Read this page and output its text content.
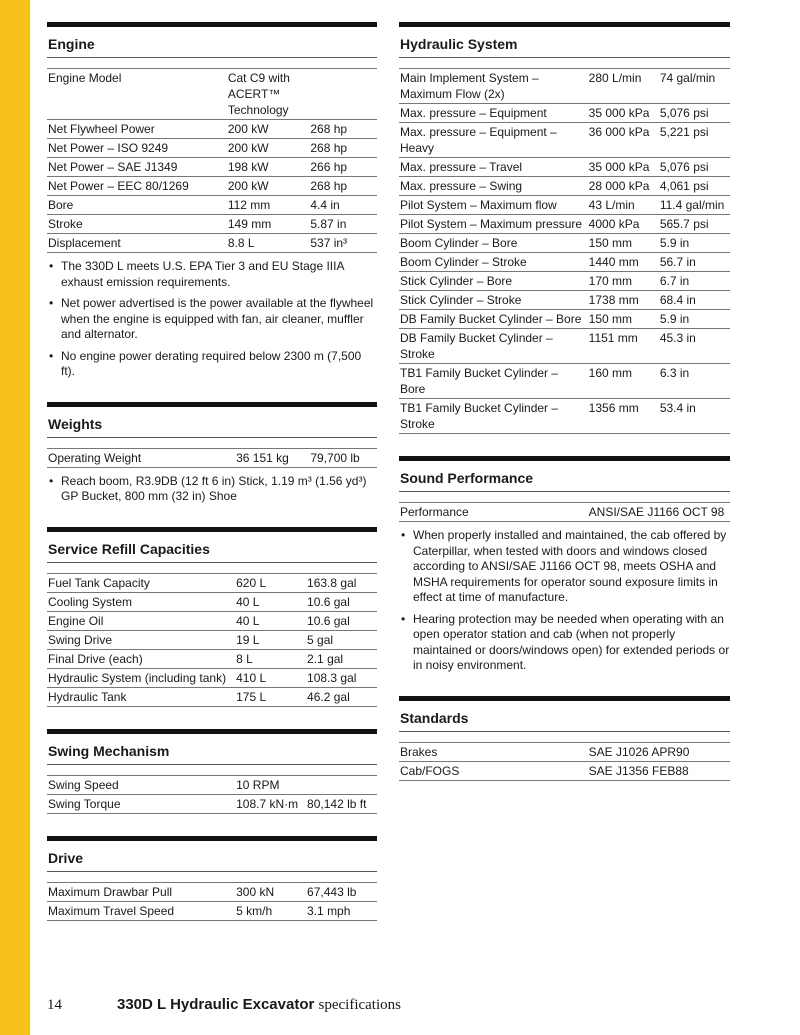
Engine
Engine Model	Cat C9 with ACERT™ Technology	
Net Flywheel Power	200 kW	268 hp
Net Power – ISO 9249	200 kW	268 hp
Net Power – SAE J1349	198 kW	266 hp
Net Power – EEC 80/1269	200 kW	268 hp
Bore	112 mm	4.4 in
Stroke	149 mm	5.87 in
Displacement	8.8 L	537 in³
• The 330D L meets U.S. EPA Tier 3 and EU Stage IIIA exhaust emission requirements.
• Net power advertised is the power available at the flywheel when the engine is equipped with fan, air cleaner, muffler and alternator.
• No engine power derating required below 2300 m (7,500 ft).
Weights
Operating Weight	36 151 kg	79,700 lb
• Reach boom, R3.9DB (12 ft 6 in) Stick, 1.19 m³ (1.56 yd³) GP Bucket, 800 mm (32 in) Shoe
Service Refill Capacities
Fuel Tank Capacity	620 L	163.8 gal
Cooling System	40 L	10.6 gal
Engine Oil	40 L	10.6 gal
Swing Drive	19 L	5 gal
Final Drive (each)	8 L	2.1 gal
Hydraulic System (including tank)	410 L	108.3 gal
Hydraulic Tank	175 L	46.2 gal
Swing Mechanism
Swing Speed	10 RPM	
Swing Torque	108.7 kN·m	80,142 lb ft
Drive
Maximum Drawbar Pull	300 kN	67,443 lb
Maximum Travel Speed	5 km/h	3.1 mph
Hydraulic System
Main Implement System – Maximum Flow (2x)	280 L/min	74 gal/min
Max. pressure – Equipment	35 000 kPa	5,076 psi
Max. pressure – Equipment – Heavy	36 000 kPa	5,221 psi
Max. pressure – Travel	35 000 kPa	5,076 psi
Max. pressure – Swing	28 000 kPa	4,061 psi
Pilot System – Maximum flow	43 L/min	11.4 gal/min
Pilot System – Maximum pressure	4000 kPa	565.7 psi
Boom Cylinder – Bore	150 mm	5.9 in
Boom Cylinder – Stroke	1440 mm	56.7 in
Stick Cylinder – Bore	170 mm	6.7 in
Stick Cylinder – Stroke	1738 mm	68.4 in
DB Family Bucket Cylinder – Bore	150 mm	5.9 in
DB Family Bucket Cylinder – Stroke	1151 mm	45.3 in
TB1 Family Bucket Cylinder – Bore	160 mm	6.3 in
TB1 Family Bucket Cylinder – Stroke	1356 mm	53.4 in
Sound Performance
Performance	ANSI/SAE J1166 OCT 98
• When properly installed and maintained, the cab offered by Caterpillar, when tested with doors and windows closed according to ANSI/SAE J1166 OCT 98, meets OSHA and MSHA requirements for operator sound exposure limits in effect at time of manufacture.
• Hearing protection may be needed when operating with an open operator station and cab (when not properly maintained or doors/windows open) for extended periods or in noisy environment.
Standards
Brakes	SAE J1026 APR90
Cab/FOGS	SAE J1356 FEB88
14	330D L Hydraulic Excavator specifications
